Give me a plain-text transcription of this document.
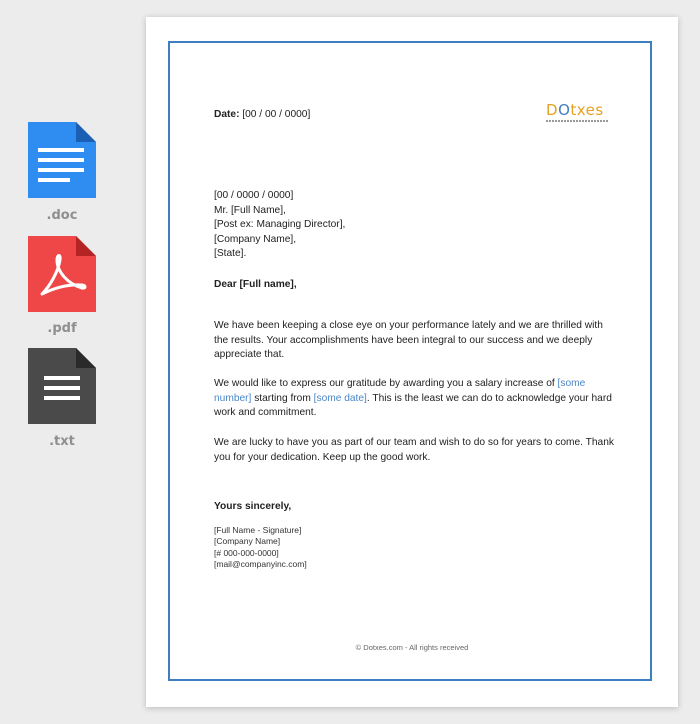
.doc
.pdf
.txt
Date: [00 / 00 / 0000]
[00 / 0000 / 0000]
Mr. [Full Name],
[Post ex: Managing Director],
[Company Name],
[State].
Dear [Full name],
We have been keeping a close eye on your performance lately and we are thrilled with the results. Your accomplishments have been integral to our success and we deeply appreciate that.
We would like to express our gratitude by awarding you a salary increase of [some number] starting from [some date]. This is the least we can do to acknowledge your hard work and commitment.
We are lucky to have you as part of our team and wish to do so for years to come. Thank you for your dedication. Keep up the good work.
Yours sincerely,
[Full Name - Signature]
[Company Name]
[# 000-000-0000]
[mail@companyinc.com]
DOtxes
© Dotxes.com - All rights received
